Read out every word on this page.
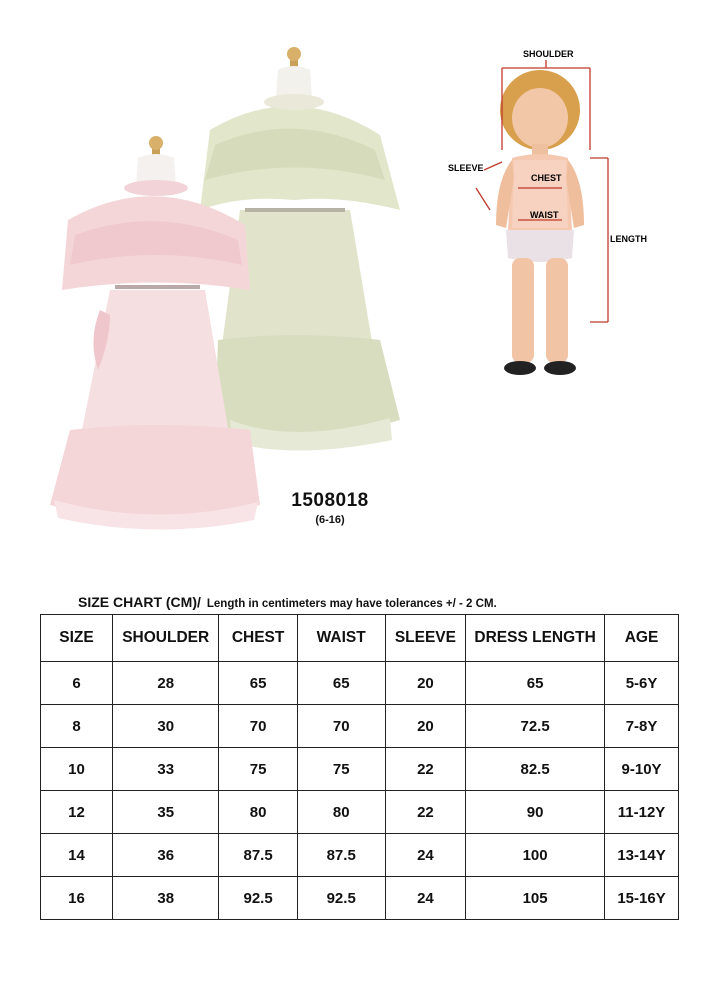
1508018
(6-16)
SHOULDER
SLEEVE
CHEST
WAIST
LENGTH
SIZE CHART (CM)/ Length in centimeters may have tolerances +/ - 2 CM.
SIZE	SHOULDER	CHEST	WAIST	SLEEVE	DRESS LENGTH	AGE
6	28	65	65	20	65	5-6Y
8	30	70	70	20	72.5	7-8Y
10	33	75	75	22	82.5	9-10Y
12	35	80	80	22	90	11-12Y
14	36	87.5	87.5	24	100	13-14Y
16	38	92.5	92.5	24	105	15-16Y
